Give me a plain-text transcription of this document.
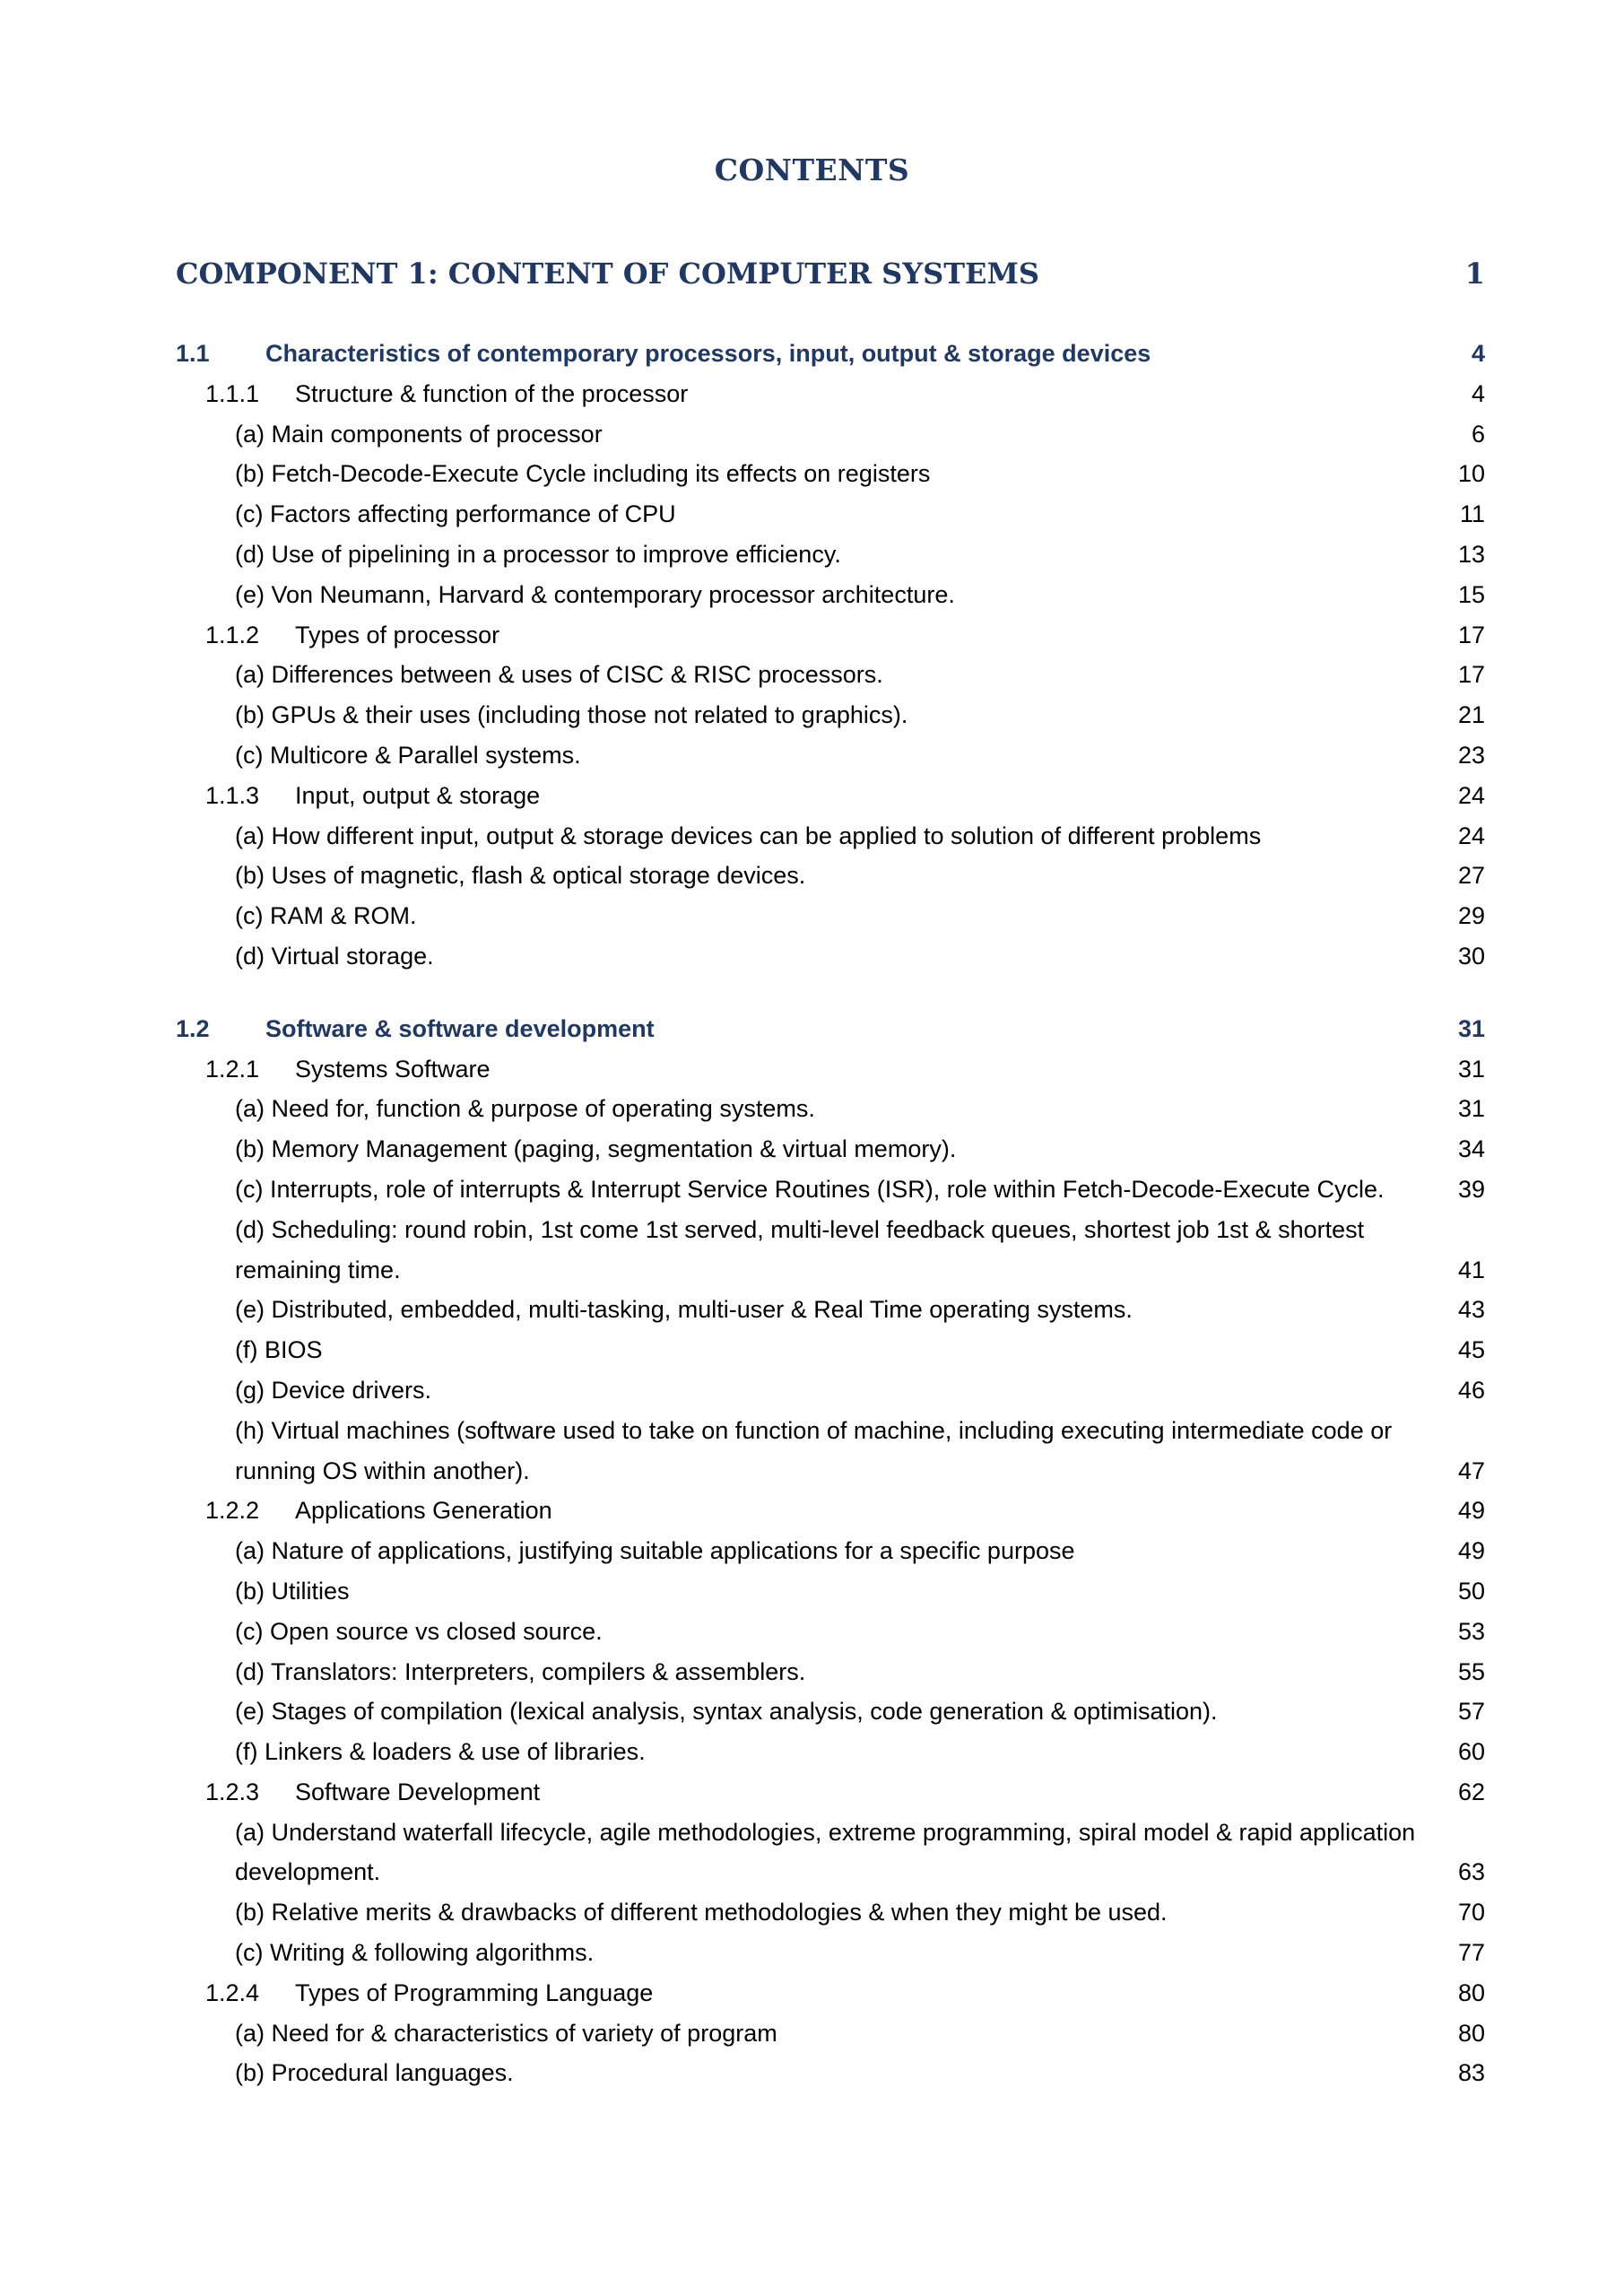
CONTENTS
COMPONENT 1: CONTENT OF COMPUTER SYSTEMS	1
1.1 Characteristics of contemporary processors, input, output & storage devices	4
1.1.1 Structure & function of the processor	4
(a) Main components of processor	6
(b) Fetch-Decode-Execute Cycle including its effects on registers	10
(c) Factors affecting performance of CPU	11
(d) Use of pipelining in a processor to improve efficiency.	13
(e) Von Neumann, Harvard & contemporary processor architecture.	15
1.1.2 Types of processor	17
(a) Differences between & uses of CISC & RISC processors.	17
(b) GPUs & their uses (including those not related to graphics).	21
(c) Multicore & Parallel systems.	23
1.1.3 Input, output & storage	24
(a) How different input, output & storage devices can be applied to solution of different problems	24
(b) Uses of magnetic, flash & optical storage devices.	27
(c) RAM & ROM.	29
(d) Virtual storage.	30
1.2 Software & software development	31
1.2.1 Systems Software	31
(a) Need for, function & purpose of operating systems.	31
(b) Memory Management (paging, segmentation & virtual memory).	34
(c) Interrupts, role of interrupts & Interrupt Service Routines (ISR), role within Fetch-Decode-Execute Cycle.	39
(d) Scheduling: round robin, 1st come 1st served, multi-level feedback queues, shortest job 1st & shortest
remaining time.	41
(e) Distributed, embedded, multi-tasking, multi-user & Real Time operating systems.	43
(f) BIOS	45
(g) Device drivers.	46
(h) Virtual machines (software used to take on function of machine, including executing intermediate code or
running OS within another).	47
1.2.2 Applications Generation	49
(a) Nature of applications, justifying suitable applications for a specific purpose	49
(b) Utilities	50
(c) Open source vs closed source.	53
(d) Translators: Interpreters, compilers & assemblers.	55
(e) Stages of compilation (lexical analysis, syntax analysis, code generation & optimisation).	57
(f) Linkers & loaders & use of libraries.	60
1.2.3 Software Development	62
(a) Understand waterfall lifecycle, agile methodologies, extreme programming, spiral model & rapid application
development.	63
(b) Relative merits & drawbacks of different methodologies & when they might be used.	70
(c) Writing & following algorithms.	77
1.2.4 Types of Programming Language	80
(a) Need for & characteristics of variety of program	80
(b) Procedural languages.	83
